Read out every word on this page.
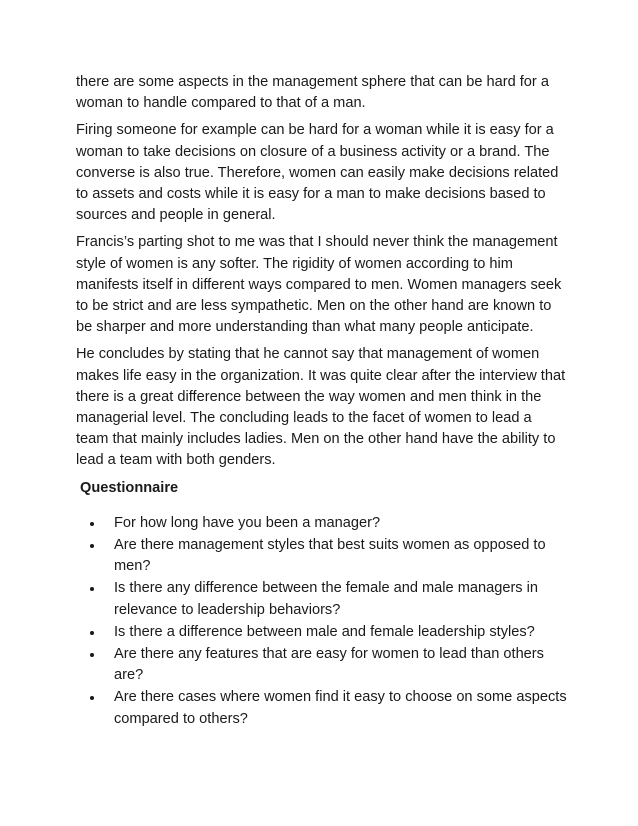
there are some aspects in the management sphere that can be hard for a woman to handle compared to that of a man.

Firing someone for example can be hard for a woman while it is easy for a woman to take decisions on closure of a business activity or a brand. The converse is also true. Therefore, women can easily make decisions related to assets and costs while it is easy for a man to make decisions based to sources and people in general.

Francis’s parting shot to me was that I should never think the management style of women is any softer. The rigidity of women according to him manifests itself in different ways compared to men. Women managers seek to be strict and are less sympathetic. Men on the other hand are known to be sharper and more understanding than what many people anticipate.

He concludes by stating that he cannot say that management of women makes life easy in the organization. It was quite clear after the interview that there is a great difference between the way women and men think in the managerial level. The concluding leads to the facet of women to lead a team that mainly includes ladies. Men on the other hand have the ability to lead a team with both genders.

Questionnaire
For how long have you been a manager?
Are there management styles that best suits women as opposed to men?
Is there any difference between the female and male managers in relevance to leadership behaviors?
Is there a difference between male and female leadership styles?
Are there any features that are easy for women to lead than others are?
Are there cases where women find it easy to choose on some aspects compared to others?
